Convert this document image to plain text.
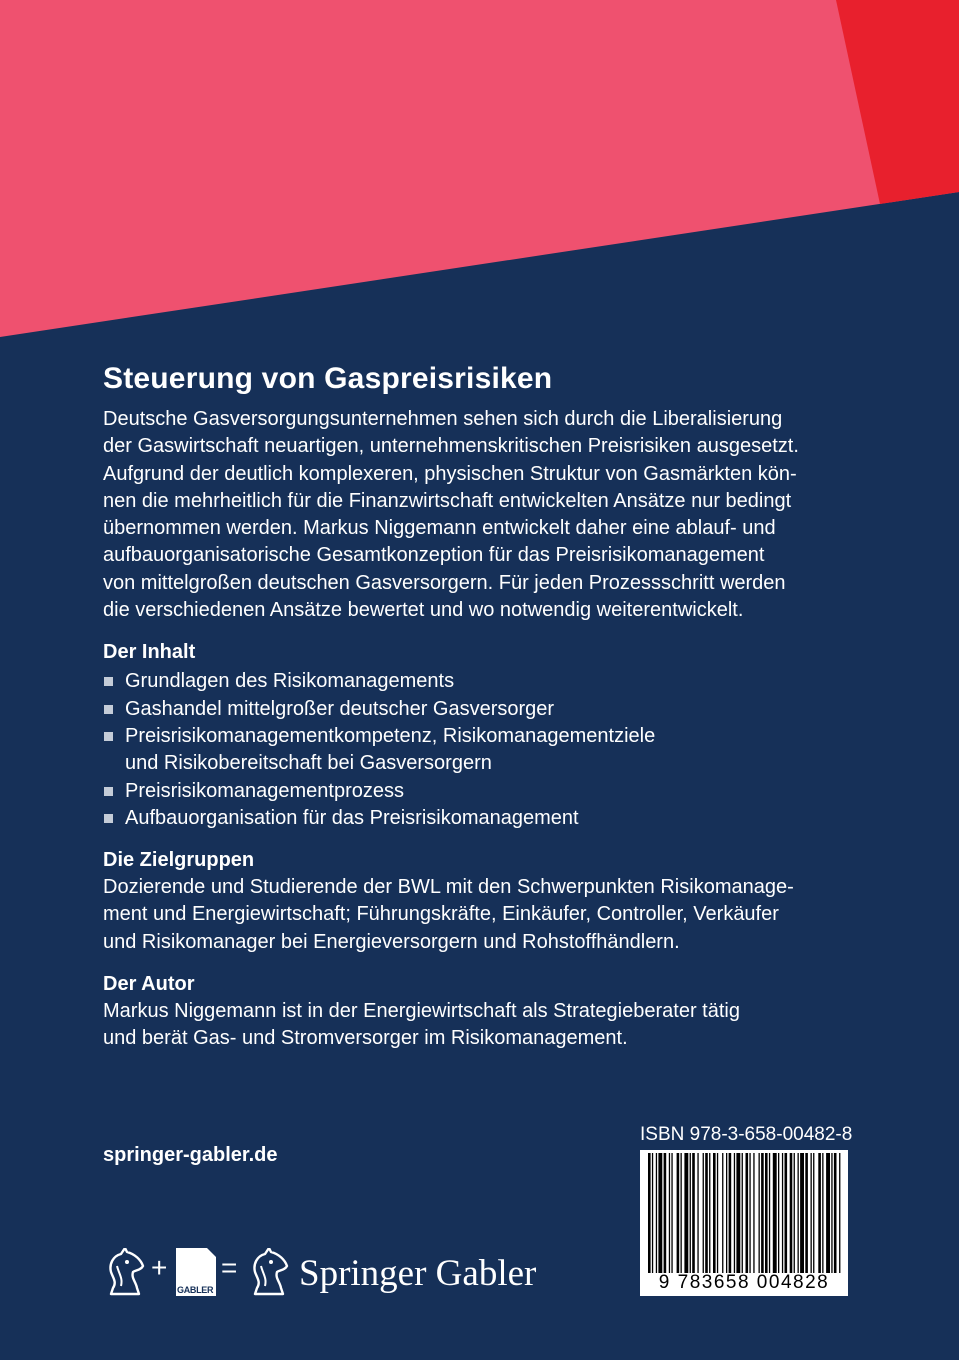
Steuerung von Gaspreisrisiken
Deutsche Gasversorgungsunternehmen sehen sich durch die Liberalisierung
der Gaswirtschaft neuartigen, unternehmenskritischen Preisrisiken ausgesetzt.
Aufgrund der deutlich komplexeren, physischen Struktur von Gasmärkten kön-
nen die mehrheitlich für die Finanzwirtschaft entwickelten Ansätze nur bedingt
übernommen werden. Markus Niggemann entwickelt daher eine ablauf- und
aufbauorganisatorische Gesamtkonzeption für das Preisrisikomanagement
von mittelgroßen deutschen Gasversorgern. Für jeden Prozessschritt werden
die verschiedenen Ansätze bewertet und wo notwendig weiterentwickelt.
Der Inhalt
Grundlagen des Risikomanagements
Gashandel mittelgroßer deutscher Gasversorger
Preisrisikomanagementkompetenz, Risikomanagementziele
und Risikobereitschaft bei Gasversorgern
Preisrisikomanagementprozess
Aufbauorganisation für das Preisrisikomanagement
Die Zielgruppen
Dozierende und Studierende der BWL mit den Schwerpunkten Risikomanage-
ment und Energiewirtschaft; Führungskräfte, Einkäufer, Controller, Verkäufer
und Risikomanager bei Energieversorgern und Rohstoffhändlern.
Der Autor
Markus Niggemann ist in der Energiewirtschaft als Strategieberater tätig
und berät Gas- und Stromversorger im Risikomanagement.
springer-gabler.de
ISBN 978-3-658-00482-8
9 783658 004828
+
GABLER
= Springer Gabler
